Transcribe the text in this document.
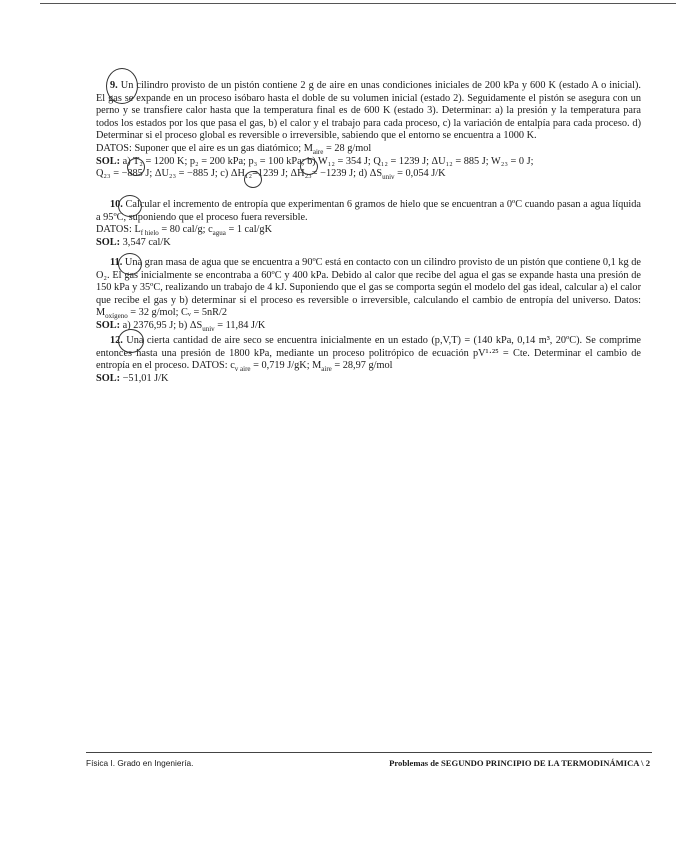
9. Un cilindro provisto de un pistón contiene 2 g de aire en unas condiciones iniciales de 200 kPa y 600 K (estado A o inicial). El gas se expande en un proceso isóbaro hasta el doble de su volumen inicial (estado 2). Seguidamente el pistón se asegura con un perno y se transfiere calor hasta que la temperatura final es de 600 K (estado 3). Determinar: a) la presión y la temperatura para todos los estados por los que pasa el gas, b) el calor y el trabajo para cada proceso, c) la variación de entalpía para cada proceso. d) Determinar si el proceso global es reversible o irreversible, sabiendo que el entorno se encuentra a 1000 K.

DATOS: Suponer que el aire es un gas diatómico; $M_{aire} = 28$ g/mol

SOL: a) T₂ = 1200 K; p₂ = 200 kPa; p₃ = 100 kPa; b) W₁₂ = 354 J; Q₁₂ = 1239 J; ΔU₁₂ = 885 J; W₂₃ = 0 J;

Q₂₃ = −885 J; ΔU₂₃ = −885 J; c) ΔH₁₂=1239 J; ΔH₂₃= −1239 J; d) $\Delta S_{univ} = 0,054$ J/K

10. Calcular el incremento de entropía que experimentan 6 gramos de hielo que se encuentran a 0ºC cuando pasan a agua líquida a 95ºC, suponiendo que el proceso fuera reversible.

DATOS: $L_{f hielo} = 80$ cal/g; $c_{agua} = 1$ cal/gK

SOL: 3,547 cal/K

11. Una gran masa de agua que se encuentra a 90ºC está en contacto con un cilindro provisto de un pistón que contiene 0,1 kg de O₂. El gas inicialmente se encontraba a 60ºC y 400 kPa. Debido al calor que recibe del agua el gas se expande hasta una presión de 150 kPa y 35ºC, realizando un trabajo de 4 kJ. Suponiendo que el gas se comporta según el modelo del gas ideal, calcular a) el calor que recibe el gas y b) determinar si el proceso es reversible o irreversible, calculando el cambio de entropía del universo. Datos: $M_{oxígeno} = 32$ g/mol; Cᵥ = 5nR/2

SOL: a) 2376,95 J; b) $\Delta S_{univ} = 11,84$ J/K

12. Una cierta cantidad de aire seco se encuentra inicialmente en un estado (p,V,T) = (140 kPa, 0,14 m³, 20ºC). Se comprime entonces hasta una presión de 1800 kPa, mediante un proceso politrópico de ecuación pV¹·²⁵ = Cte. Determinar el cambio de entropía en el proceso. DATOS: $c_{v aire} = 0,719$ J/gK; $M_{aire} = 28,97$ g/mol

SOL: −51,01 J/K

Física I. Grado en Ingeniería.	Problemas de SEGUNDO PRINCIPIO DE LA TERMODINÁMICA \ 2
